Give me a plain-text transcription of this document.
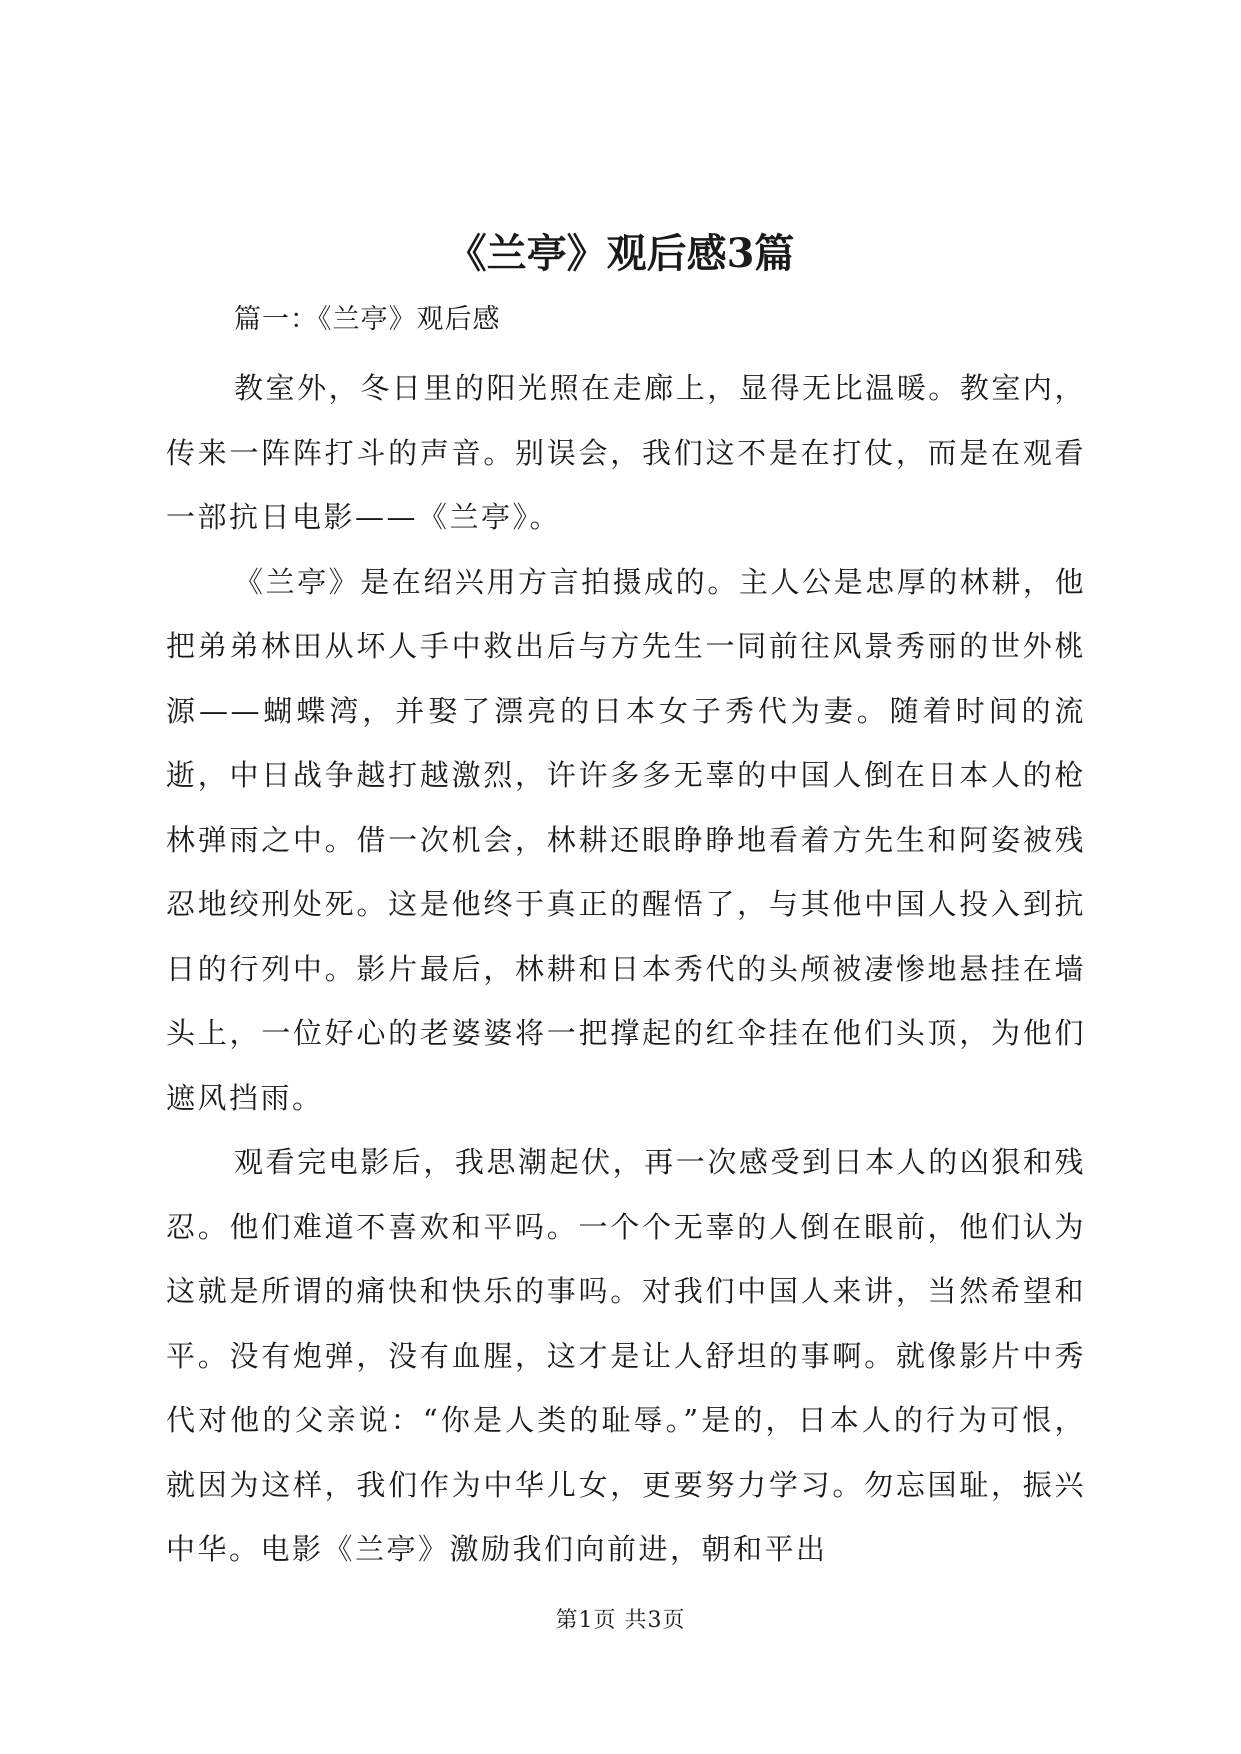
《兰亭》观后感3篇

篇一：《兰亭》观后感

教室外，冬日里的阳光照在走廊上，显得无比温暖。教室内，传来一阵阵打斗的声音。别误会，我们这不是在打仗，而是在观看一部抗日电影——《兰亭》。

《兰亭》是在绍兴用方言拍摄成的。主人公是忠厚的林耕，他把弟弟林田从坏人手中救出后与方先生一同前往风景秀丽的世外桃源——蝴蝶湾，并娶了漂亮的日本女子秀代为妻。随着时间的流逝，中日战争越打越激烈，许许多多无辜的中国人倒在日本人的枪林弹雨之中。借一次机会，林耕还眼睁睁地看着方先生和阿姿被残忍地绞刑处死。这是他终于真正的醒悟了，与其他中国人投入到抗日的行列中。影片最后，林耕和日本秀代的头颅被凄惨地悬挂在墙头上，一位好心的老婆婆将一把撑起的红伞挂在他们头顶，为他们遮风挡雨。

观看完电影后，我思潮起伏，再一次感受到日本人的凶狠和残忍。他们难道不喜欢和平吗。一个个无辜的人倒在眼前，他们认为这就是所谓的痛快和快乐的事吗。对我们中国人来讲，当然希望和平。没有炮弹，没有血腥，这才是让人舒坦的事啊。就像影片中秀代对他的父亲说：“你是人类的耻辱。”是的，日本人的行为可恨，就因为这样，我们作为中华儿女，更要努力学习。勿忘国耻，振兴中华。电影《兰亭》激励我们向前进，朝和平出

第1页 共3页
